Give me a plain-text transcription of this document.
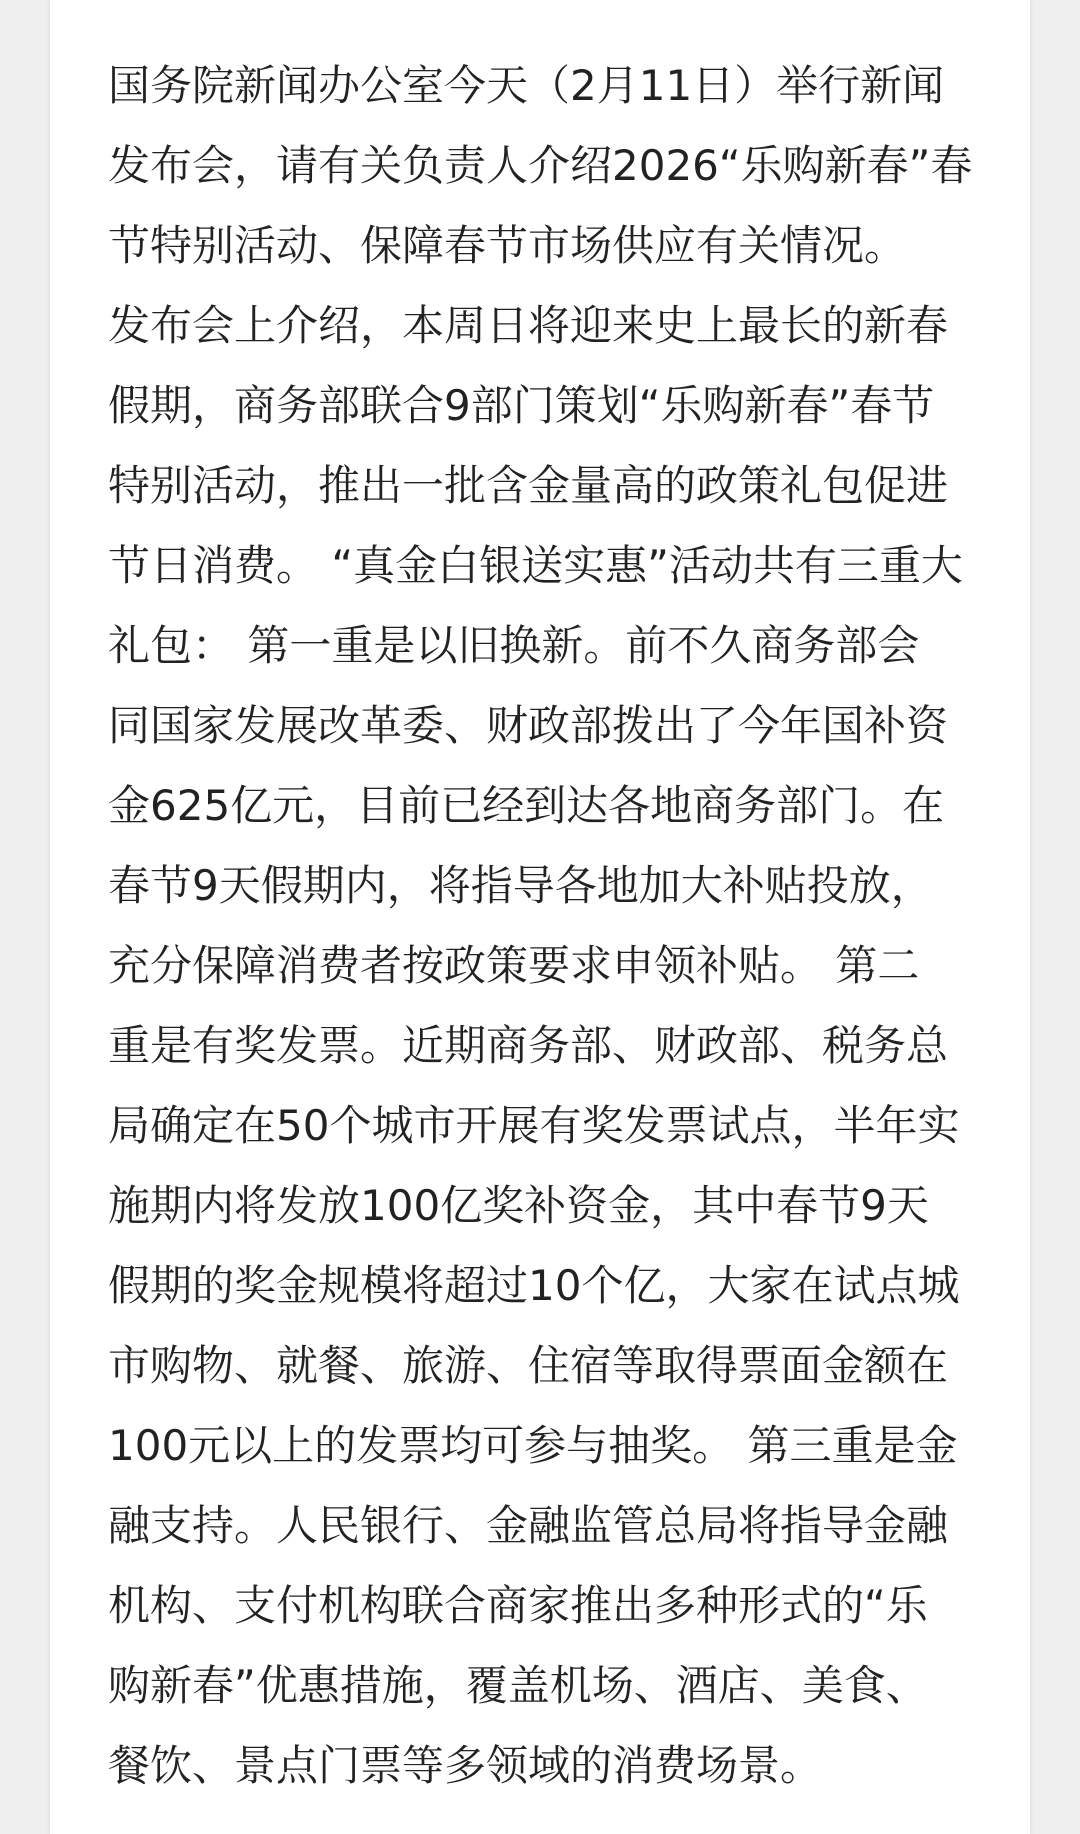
国务院新闻办公室今天（2月11日）举行新闻
发布会，请有关负责人介绍2026“乐购新春”春
节特别活动、保障春节市场供应有关情况。
发布会上介绍，本周日将迎来史上最长的新春
假期，商务部联合9部门策划“乐购新春”春节
特别活动，推出一批含金量高的政策礼包促进
节日消费。 “真金白银送实惠”活动共有三重大
礼包： 第一重是以旧换新。前不久商务部会
同国家发展改革委、财政部拨出了今年国补资
金625亿元，目前已经到达各地商务部门。在
春节9天假期内，将指导各地加大补贴投放，
充分保障消费者按政策要求申领补贴。 第二
重是有奖发票。近期商务部、财政部、税务总
局确定在50个城市开展有奖发票试点，半年实
施期内将发放100亿奖补资金，其中春节9天
假期的奖金规模将超过10个亿，大家在试点城
市购物、就餐、旅游、住宿等取得票面金额在
100元以上的发票均可参与抽奖。 第三重是金
融支持。人民银行、金融监管总局将指导金融
机构、支付机构联合商家推出多种形式的“乐
购新春”优惠措施，覆盖机场、酒店、美食、
餐饮、景点门票等多领域的消费场景。
